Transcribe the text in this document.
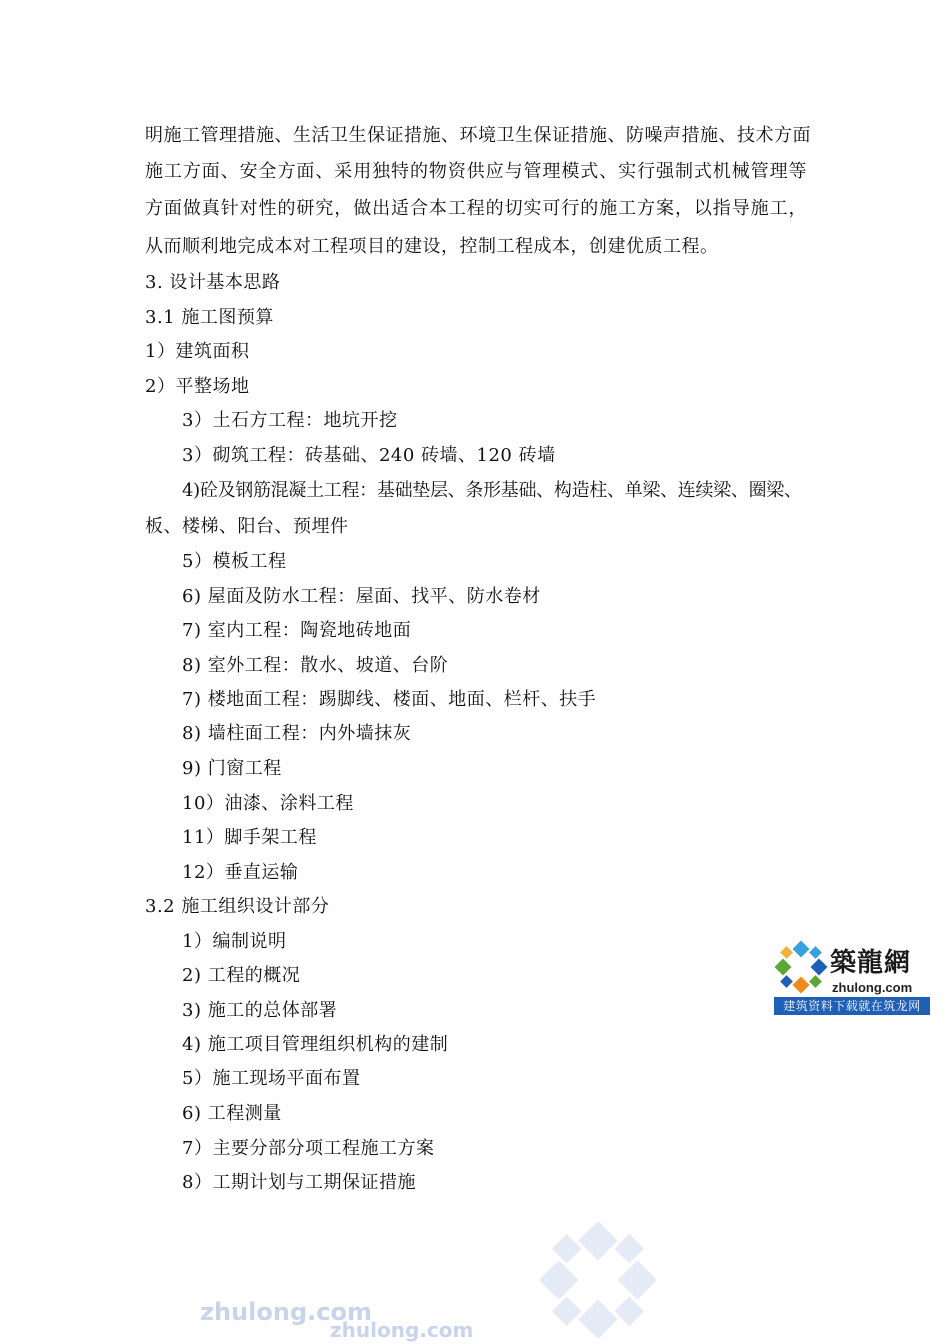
明施工管理措施、生活卫生保证措施、环境卫生保证措施、防噪声措施、技术方面
施工方面、安全方面、采用独特的物资供应与管理模式、实行强制式机械管理等
方面做真针对性的研究，做出适合本工程的切实可行的施工方案，以指导施工，
从而顺利地完成本对工程项目的建设，控制工程成本，创建优质工程。
3. 设计基本思路
3.1 施工图预算
1）建筑面积
2）平整场地
3）土石方工程：地坑开挖
3）砌筑工程：砖基础、240 砖墙、120 砖墙
4)砼及钢筋混凝土工程：基础垫层、条形基础、构造柱、单梁、连续梁、圈梁、
板、楼梯、阳台、预埋件
5）模板工程
6) 屋面及防水工程：屋面、找平、防水卷材
7) 室内工程：陶瓷地砖地面
8) 室外工程：散水、坡道、台阶
7) 楼地面工程：踢脚线、楼面、地面、栏杆、扶手
8) 墙柱面工程：内外墙抹灰
9) 门窗工程
10）油漆、涂料工程
11）脚手架工程
12）垂直运输
3.2 施工组织设计部分
1）编制说明
2) 工程的概况
3) 施工的总体部署
4) 施工项目管理组织机构的建制
5）施工现场平面布置
6) 工程测量
7）主要分部分项工程施工方案
8）工期计划与工期保证措施
築龍網
zhulong.com
建筑资料下载就在筑龙网
zhulong.com
zhulong.com
